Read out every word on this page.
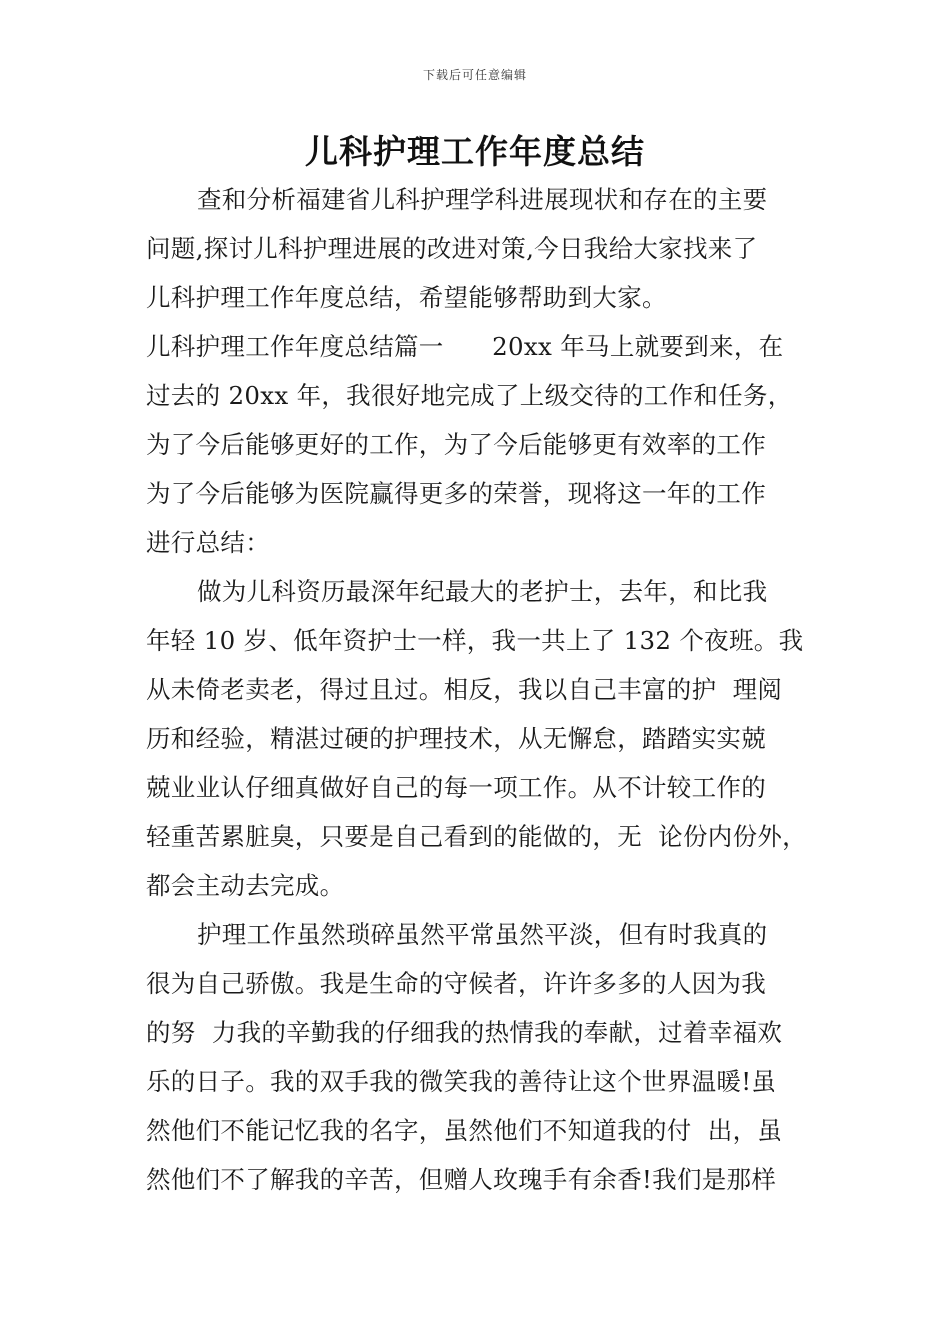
下载后可任意编辑
儿科护理工作年度总结
查和分析福建省儿科护理学科进展现状和存在的主要
问题,探讨儿科护理进展的改进对策,今日我给大家找来了
儿科护理工作年度总结，希望能够帮助到大家。
儿科护理工作年度总结篇一      20xx 年马上就要到来，在
过去的 20xx 年，我很好地完成了上级交待的工作和任务，
为了今后能够更好的工作，为了今后能够更有效率的工作
为了今后能够为医院赢得更多的荣誉，现将这一年的工作
进行总结：
做为儿科资历最深年纪最大的老护士，去年，和比我
年轻 10 岁、低年资护士一样，我一共上了 132 个夜班。我
从未倚老卖老，得过且过。相反，我以自己丰富的护  理阅
历和经验，精湛过硬的护理技术，从无懈怠，踏踏实实兢
兢业业认仔细真做好自己的每一项工作。从不计较工作的
轻重苦累脏臭，只要是自己看到的能做的，无  论份内份外，
都会主动去完成。
护理工作虽然琐碎虽然平常虽然平淡，但有时我真的
很为自己骄傲。我是生命的守候者，许许多多的人因为我
的努  力我的辛勤我的仔细我的热情我的奉献，过着幸福欢
乐的日子。我的双手我的微笑我的善待让这个世界温暖!虽
然他们不能记忆我的名字，虽然他们不知道我的付  出，虽
然他们不了解我的辛苦，但赠人玫瑰手有余香!我们是那样
